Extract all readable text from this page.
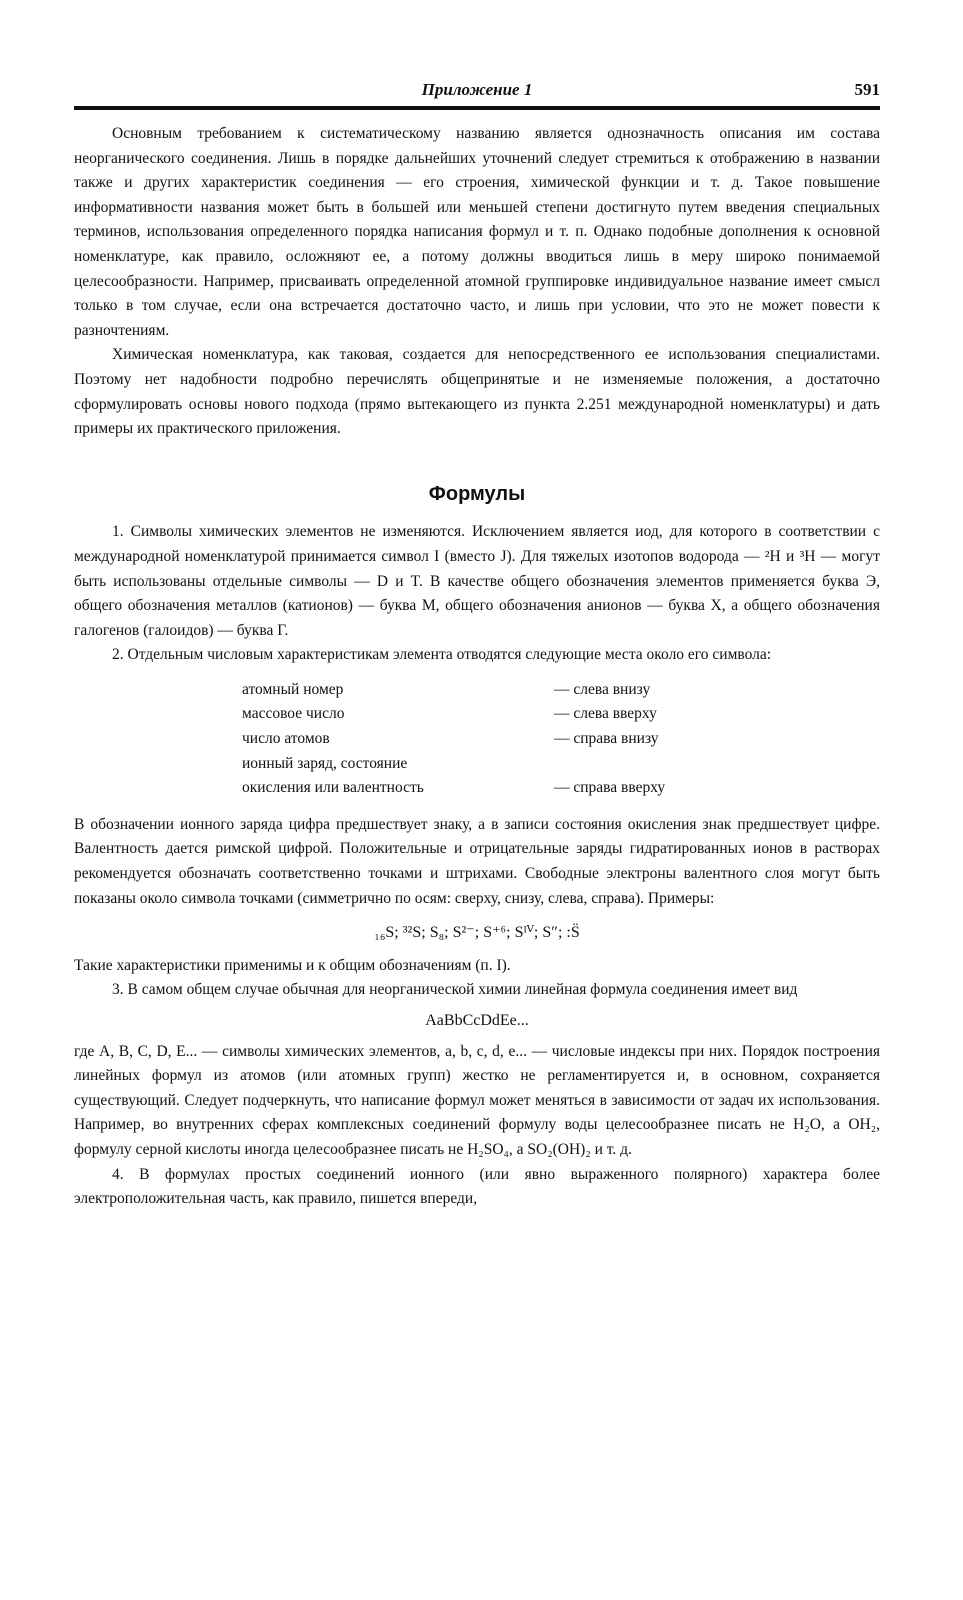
Приложение 1	591

Основным требованием к систематическому названию является однозначность описания им состава неорганического соединения. Лишь в порядке дальнейших уточнений следует стремиться к отображению в названии также и других характеристик соединения — его строения, химической функции и т. д. Такое повышение информативности названия может быть в большей или меньшей степени достигнуто путем введения специальных терминов, использования определенного порядка написания формул и т. п. Однако подобные дополнения к основной номенклатуре, как правило, осложняют ее, а потому должны вводиться лишь в меру широко понимаемой целесообразности. Например, присваивать определенной атомной группировке индивидуальное название имеет смысл только в том случае, если она встречается достаточно часто, и лишь при условии, что это не может повести к разночтениям.

Химическая номенклатура, как таковая, создается для непосредственного ее использования специалистами. Поэтому нет надобности подробно перечислять общепринятые и не изменяемые положения, а достаточно сформулировать основы нового подхода (прямо вытекающего из пункта 2.251 международной номенклатуры) и дать примеры их практического приложения.

Формулы

1. Символы химических элементов не изменяются. Исключением является иод, для которого в соответствии с международной номенклатурой принимается символ I (вместо J). Для тяжелых изотопов водорода — ²H и ³H — могут быть использованы отдельные символы — D и T. В качестве общего обозначения элементов применяется буква Э, общего обозначения металлов (катионов) — буква М, общего обозначения анионов — буква X, а общего обозначения галогенов (галоидов) — буква Г.

2. Отдельным числовым характеристикам элемента отводятся следующие места около его символа:

атомный номер	— слева внизу
массовое число	— слева вверху
число атомов	— справа внизу
ионный заряд, состояние	
окисления или валентность	— справа вверху

В обозначении ионного заряда цифра предшествует знаку, а в записи состояния окисления знак предшествует цифре. Валентность дается римской цифрой. Положительные и отрицательные заряды гидратированных ионов в растворах рекомендуется обозначать соответственно точками и штрихами. Свободные электроны валентного слоя могут быть показаны около символа точками (симметрично по осям: сверху, снизу, слева, справа). Примеры:

₁₆S; ³²S; S₈; S²⁻; S⁺⁶; Sᴵⱽ; S″; :S̈

Такие характеристики применимы и к общим обозначениям (п. I).

3. В самом общем случае обычная для неорганической химии линейная формула соединения имеет вид

AaBbCcDdEe...

где A, B, C, D, E... — символы химических элементов, a, b, c, d, e... — числовые индексы при них. Порядок построения линейных формул из атомов (или атомных групп) жестко не регламентируется и, в основном, сохраняется существующий. Следует подчеркнуть, что написание формул может меняться в зависимости от задач их использования. Например, во внутренних сферах комплексных соединений формулу воды целесообразнее писать не H₂O, а OH₂, формулу серной кислоты иногда целесообразнее писать не H₂SO₄, а SO₂(OH)₂ и т. д.

4. В формулах простых соединений ионного (или явно выраженного полярного) характера более электроположительная часть, как правило, пишется впереди,
